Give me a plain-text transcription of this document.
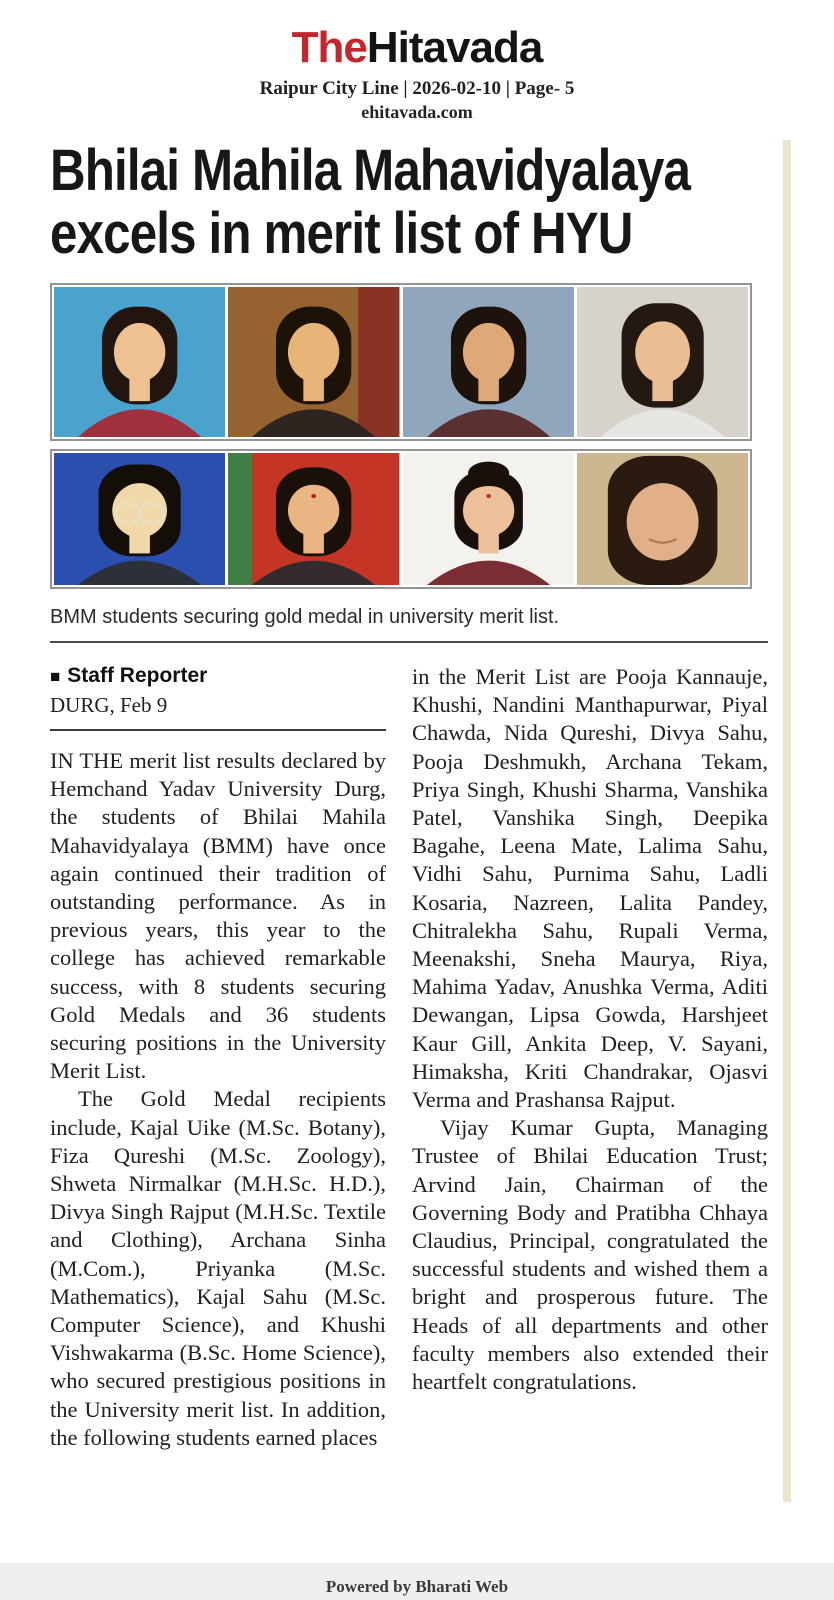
TheHitavada
Raipur City Line | 2026-02-10 | Page- 5
ehitavada.com
Bhilai Mahila Mahavidyalaya
excels in merit list of HYU

BMM students securing gold medal in university merit list.

■ Staff Reporter
DURG, Feb 9

IN THE merit list results declared by Hemchand Yadav University Durg, the students of Bhilai Mahila Mahavidyalaya (BMM) have once again continued their tradition of outstanding performance. As in previous years, this year to the college has achieved remarkable success, with 8 students securing Gold Medals and 36 students securing positions in the University Merit List.

The Gold Medal recipients include, Kajal Uike (M.Sc. Botany), Fiza Qureshi (M.Sc. Zoology), Shweta Nirmalkar (M.H.Sc. H.D.), Divya Singh Rajput (M.H.Sc. Textile and Clothing), Archana Sinha (M.Com.), Priyanka (M.Sc. Mathematics), Kajal Sahu (M.Sc. Computer Science), and Khushi Vishwakarma (B.Sc. Home Science), who secured prestigious positions in the University merit list. In addition, the following students earned places

in the Merit List are Pooja Kannauje, Khushi, Nandini Manthapurwar, Piyal Chawda, Nida Qureshi, Divya Sahu, Pooja Deshmukh, Archana Tekam, Priya Singh, Khushi Sharma, Vanshika Patel, Vanshika Singh, Deepika Bagahe, Leena Mate, Lalima Sahu, Vidhi Sahu, Purnima Sahu, Ladli Kosaria, Nazreen, Lalita Pandey, Chitralekha Sahu, Rupali Verma, Meenakshi, Sneha Maurya, Riya, Mahima Yadav, Anushka Verma, Aditi Dewangan, Lipsa Gowda, Harshjeet Kaur Gill, Ankita Deep, V. Sayani, Himaksha, Kriti Chandrakar, Ojasvi Verma and Prashansa Rajput.

Vijay Kumar Gupta, Managing Trustee of Bhilai Education Trust; Arvind Jain, Chairman of the Governing Body and Pratibha Chhaya Claudius, Principal, congratulated the successful students and wished them a bright and prosperous future. The Heads of all departments and other faculty members also extended their heartfelt congratulations.

Powered by Bharati Web
